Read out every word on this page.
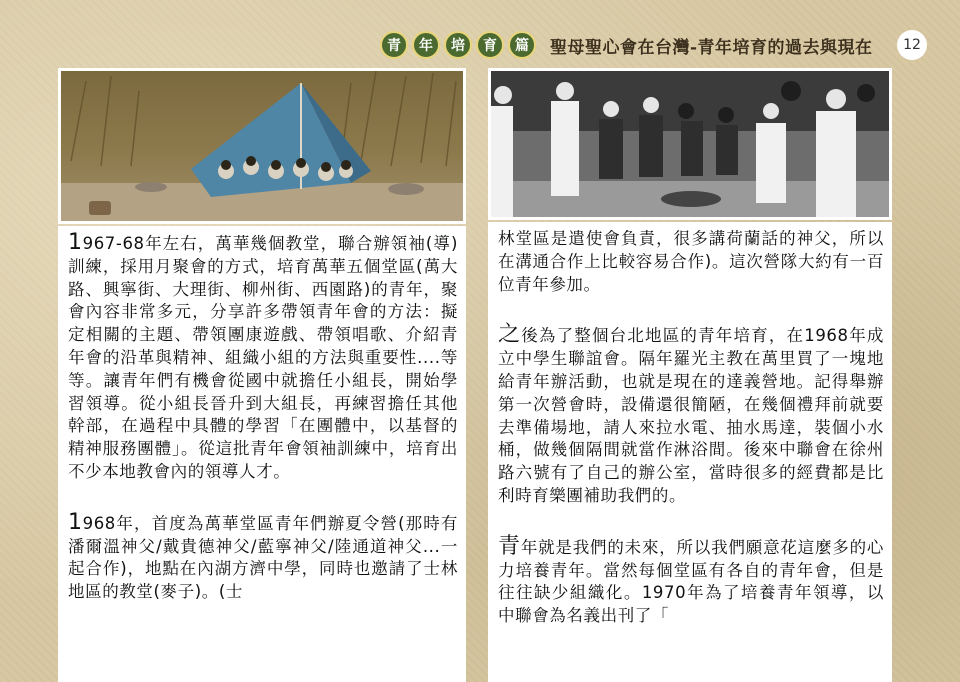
青	年	培	育	篇	聖母聖心會在台灣-青年培育的過去與現在	12

1967-68年左右，萬華幾個教堂，聯合辦領袖(導)訓練，採用月聚會的方式，培育萬華五個堂區(萬大路、興寧街、大理街、柳州街、西園路)的青年，聚會內容非常多元，分享許多帶領青年會的方法：擬定相關的主題、帶領團康遊戲、帶領唱歌、介紹青年會的沿革與精神、組織小組的方法與重要性....等等。讓青年們有機會從國中就擔任小組長，開始學習領導。從小組長晉升到大組長，再練習擔任其他幹部，在過程中具體的學習「在團體中，以基督的精神服務團體」。從這批青年會領袖訓練中，培育出不少本地教會內的領導人才。

1968年，首度為萬華堂區青年們辦夏令營(那時有潘爾溫神父/戴貴德神父/藍寧神父/陸通道神父...一起合作)，地點在內湖方濟中學，同時也邀請了士林地區的教堂(麥子)。(士

林堂區是遣使會負責，很多講荷蘭話的神父，所以在溝通合作上比較容易合作)。這次營隊大約有一百位青年參加。

之後為了整個台北地區的青年培育，在1968年成立中學生聯誼會。隔年羅光主教在萬里買了一塊地給青年辦活動，也就是現在的達義營地。記得舉辦第一次營會時，設備還很簡陋，在幾個禮拜前就要去準備場地，請人來拉水電、抽水馬達，裝個小水桶，做幾個隔間就當作淋浴間。後來中聯會在徐州路六號有了自己的辦公室，當時很多的經費都是比利時育樂團補助我們的。

青年就是我們的未來，所以我們願意花這麼多的心力培養青年。當然每個堂區有各自的青年會，但是往往缺少組織化。1970年為了培養青年領導，以中聯會為名義出刊了「
